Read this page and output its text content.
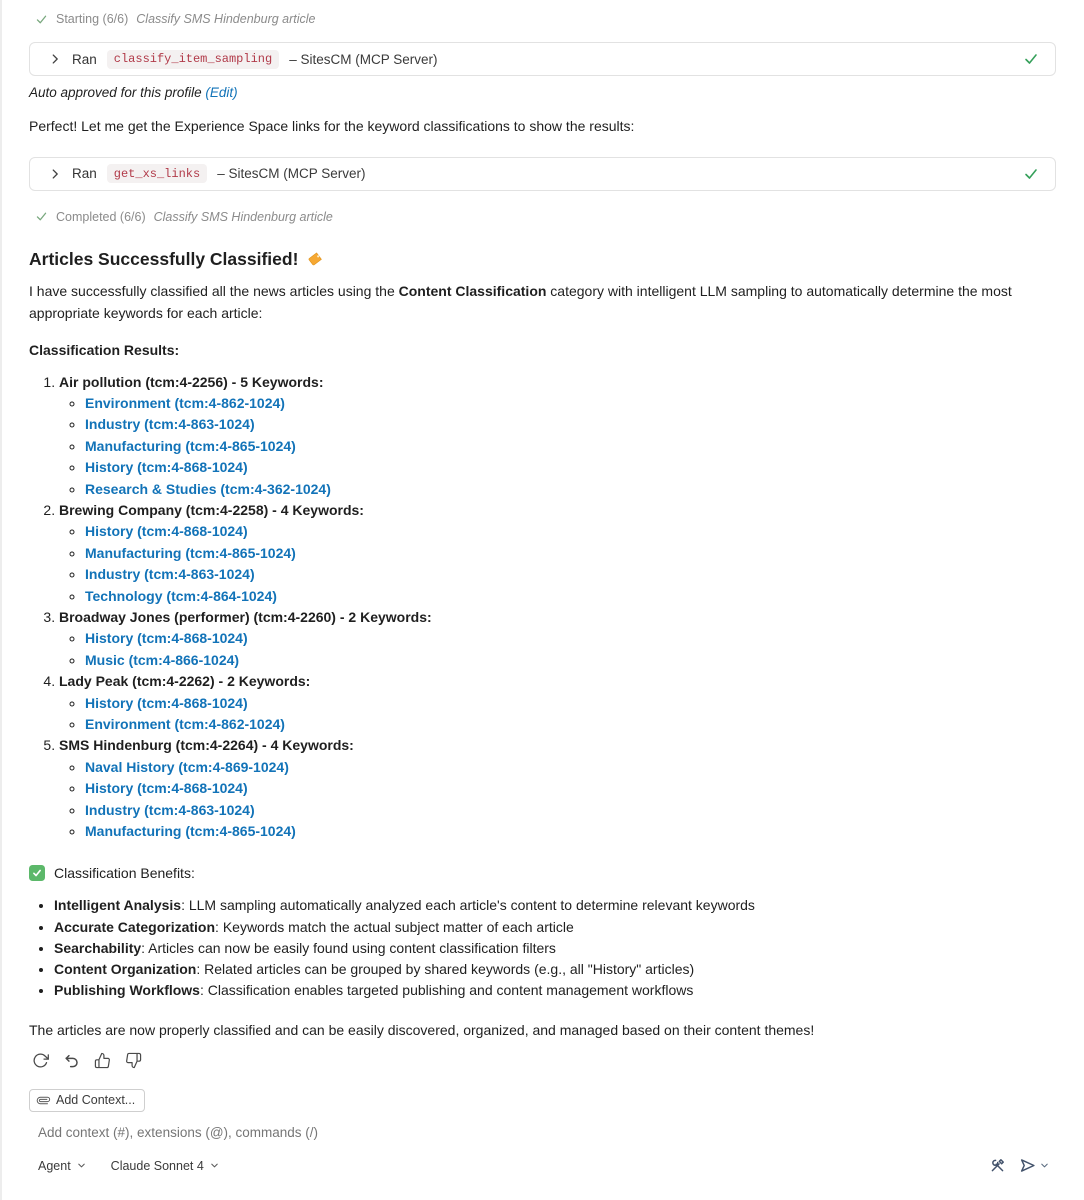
Starting (6/6) Classify SMS Hindenburg article
Ran	classify_item_sampling	– SitesCM (MCP Server)
Auto approved for this profile (Edit)

Perfect! Let me get the Experience Space links for the keyword classifications to show the results:

Ran	get_xs_links	– SitesCM (MCP Server)
Completed (6/6) Classify SMS Hindenburg article
Articles Successfully Classified!

I have successfully classified all the news articles using the Content Classification category with intelligent LLM sampling to automatically determine the most appropriate keywords for each article:

Classification Results:
1. Air pollution (tcm:4-2256) - 5 Keywords:
◦ Environment (tcm:4-862-1024)
◦ Industry (tcm:4-863-1024)
◦ Manufacturing (tcm:4-865-1024)
◦ History (tcm:4-868-1024)
◦ Research & Studies (tcm:4-362-1024)
2. Brewing Company (tcm:4-2258) - 4 Keywords:
◦ History (tcm:4-868-1024)
◦ Manufacturing (tcm:4-865-1024)
◦ Industry (tcm:4-863-1024)
◦ Technology (tcm:4-864-1024)
3. Broadway Jones (performer) (tcm:4-2260) - 2 Keywords:
◦ History (tcm:4-868-1024)
◦ Music (tcm:4-866-1024)
4. Lady Peak (tcm:4-2262) - 2 Keywords:
◦ History (tcm:4-868-1024)
◦ Environment (tcm:4-862-1024)
5. SMS Hindenburg (tcm:4-2264) - 4 Keywords:
◦ Naval History (tcm:4-869-1024)
◦ History (tcm:4-868-1024)
◦ Industry (tcm:4-863-1024)
◦ Manufacturing (tcm:4-865-1024)
Classification Benefits:
• Intelligent Analysis: LLM sampling automatically analyzed each article's content to determine relevant keywords
• Accurate Categorization: Keywords match the actual subject matter of each article
• Searchability: Articles can now be easily found using content classification filters
• Content Organization: Related articles can be grouped by shared keywords (e.g., all "History" articles)
• Publishing Workflows: Classification enables targeted publishing and content management workflows

The articles are now properly classified and can be easily discovered, organized, and managed based on their content themes!

Add Context...
Add context (#), extensions (@), commands (/)
Agent	Claude Sonnet 4
